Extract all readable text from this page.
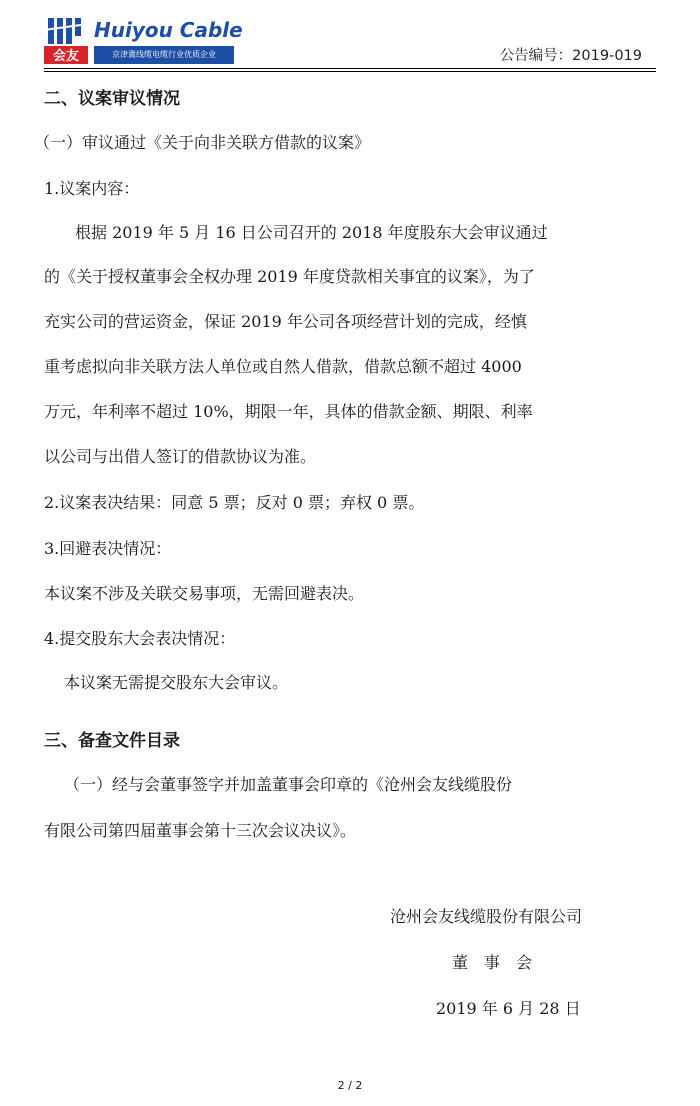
会友
Huiyou Cable
京津冀线缆电缆行业优质企业	公告编号：2019-019
二、议案审议情况
（一）审议通过《关于向非关联方借款的议案》
1.议案内容：
根据 2019 年 5 月 16 日公司召开的 2018 年度股东大会审议通过
的《关于授权董事会全权办理 2019 年度贷款相关事宜的议案》，为了
充实公司的营运资金，保证 2019 年公司各项经营计划的完成，经慎
重考虑拟向非关联方法人单位或自然人借款，借款总额不超过 4000
万元，年利率不超过 10%，期限一年，具体的借款金额、期限、利率
以公司与出借人签订的借款协议为准。
2.议案表决结果：同意 5 票；反对 0 票；弃权 0 票。
3.回避表决情况：
本议案不涉及关联交易事项，无需回避表决。
4.提交股东大会表决情况：
本议案无需提交股东大会审议。
三、备查文件目录
（一）经与会董事签字并加盖董事会印章的《沧州会友线缆股份
有限公司第四届董事会第十三次会议决议》。
沧州会友线缆股份有限公司
董　事　会
2019 年 6 月 28 日
2 / 2
